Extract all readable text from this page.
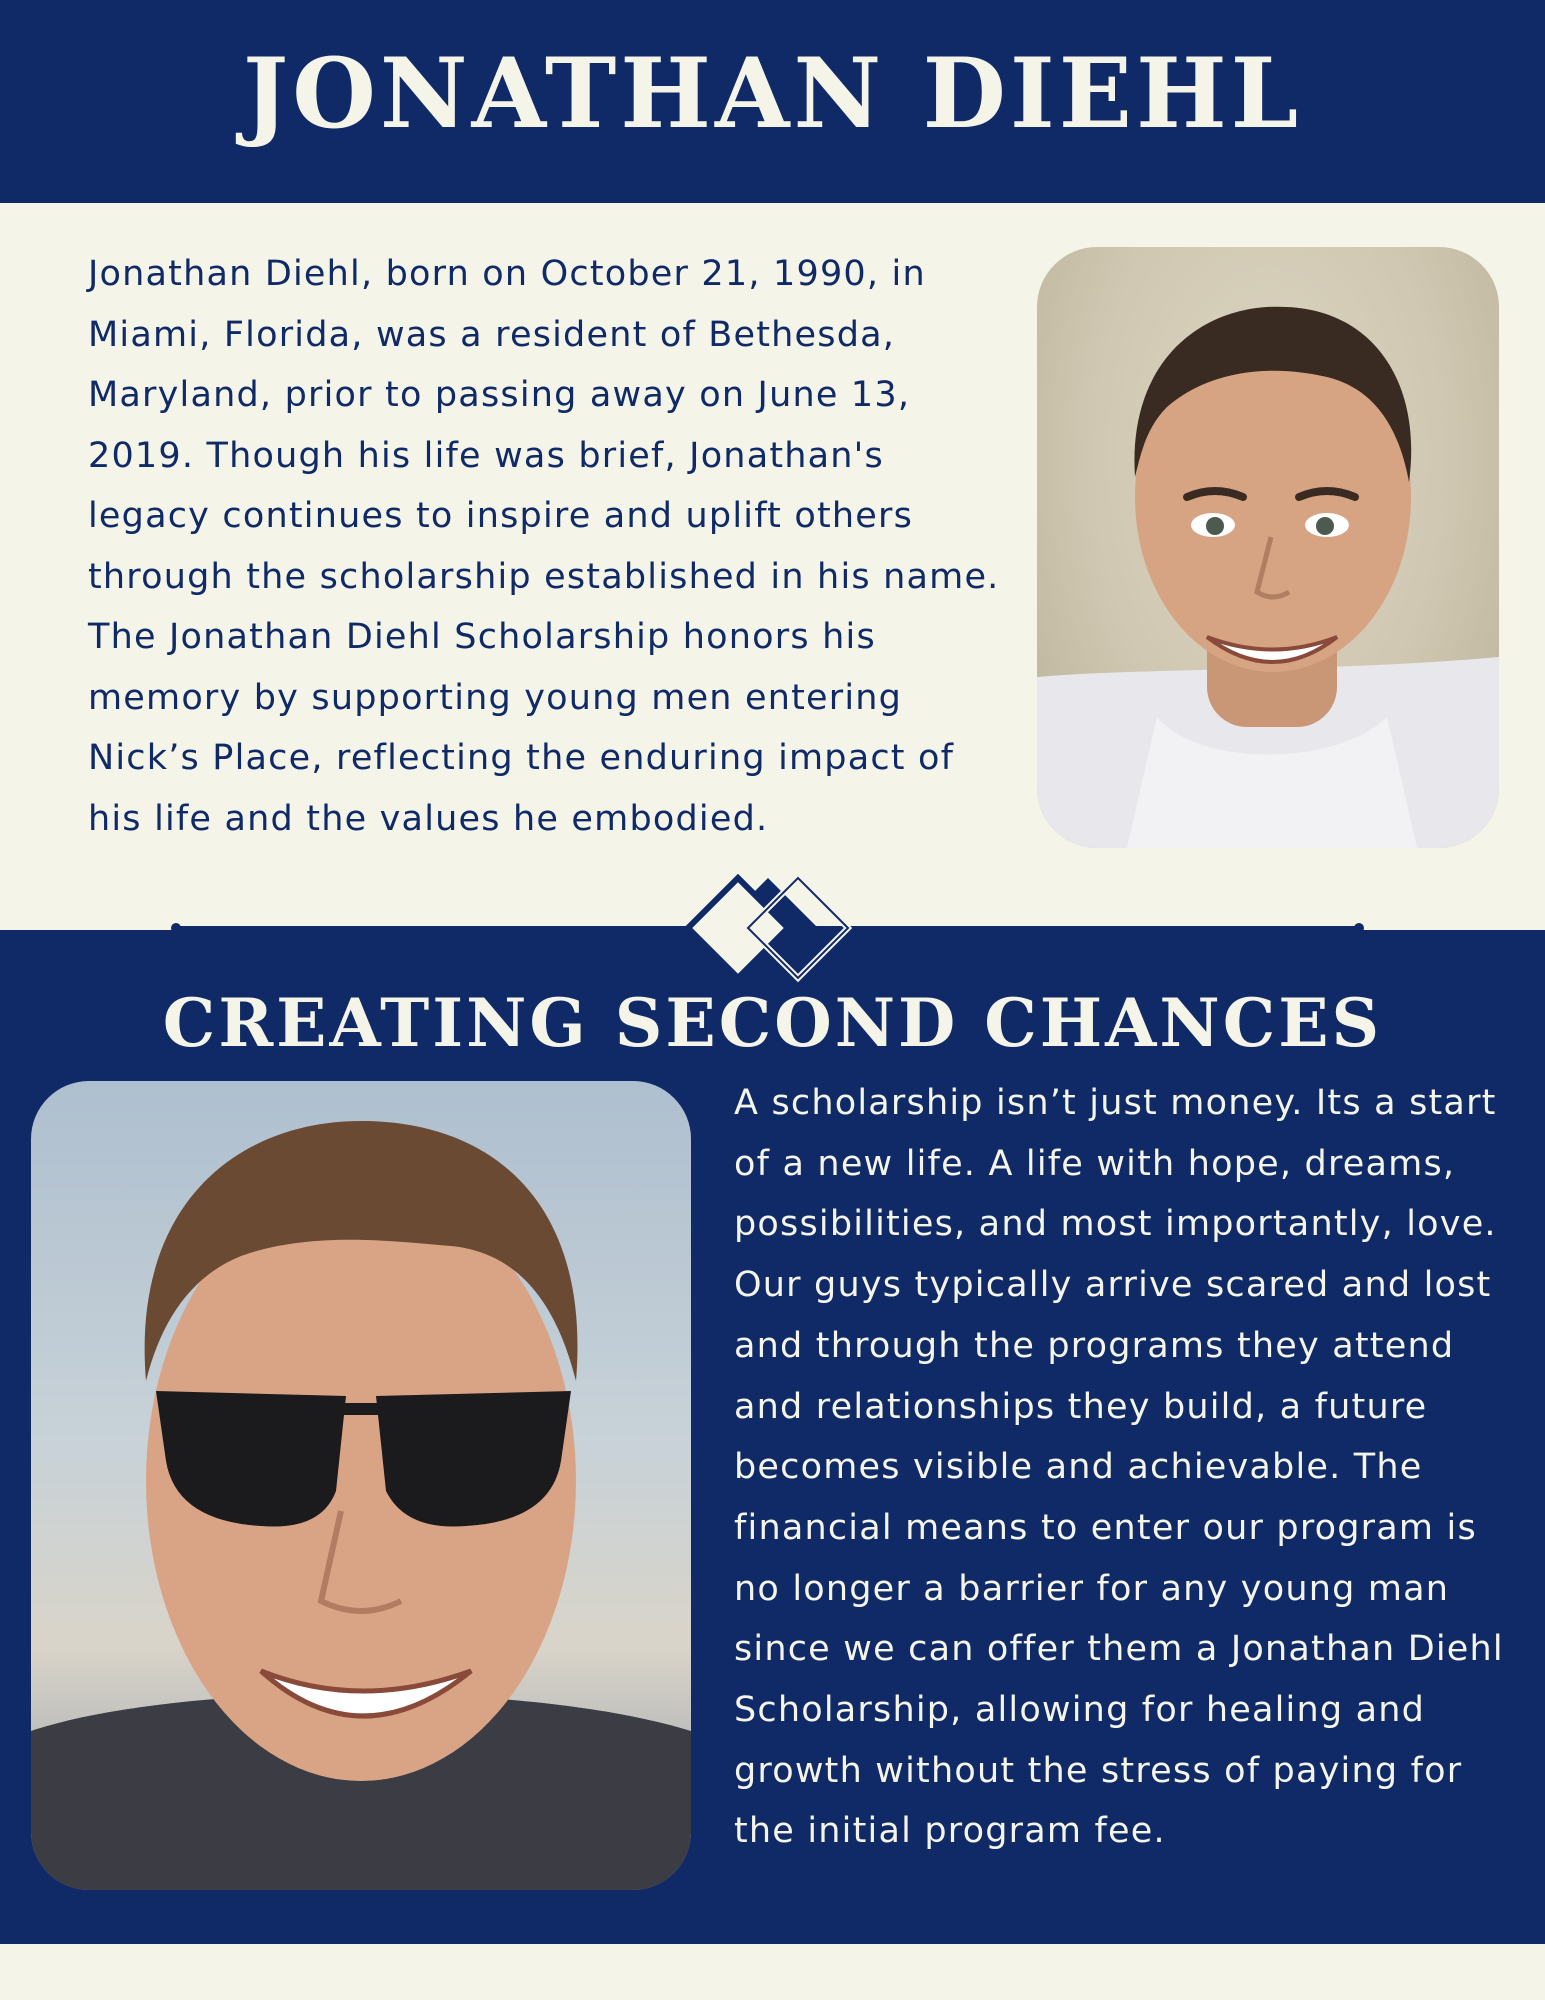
JONATHAN DIEHL

Jonathan Diehl, born on October 21, 1990, in Miami, Florida, was a resident of Bethesda, Maryland, prior to passing away on June 13, 2019. Though his life was brief, Jonathan's legacy continues to inspire and uplift others through the scholarship established in his name. The Jonathan Diehl Scholarship honors his memory by supporting young men entering Nick’s Place, reflecting the enduring impact of his life and the values he embodied.

CREATING SECOND CHANCES

A scholarship isn’t just money. Its a start of a new life. A life with hope, dreams, possibilities, and most importantly, love. Our guys typically arrive scared and lost and through the programs they attend and relationships they build, a future becomes visible and achievable. The financial means to enter our program is no longer a barrier for any young man since we can offer them a Jonathan Diehl Scholarship, allowing for healing and growth without the stress of paying for the initial program fee.
